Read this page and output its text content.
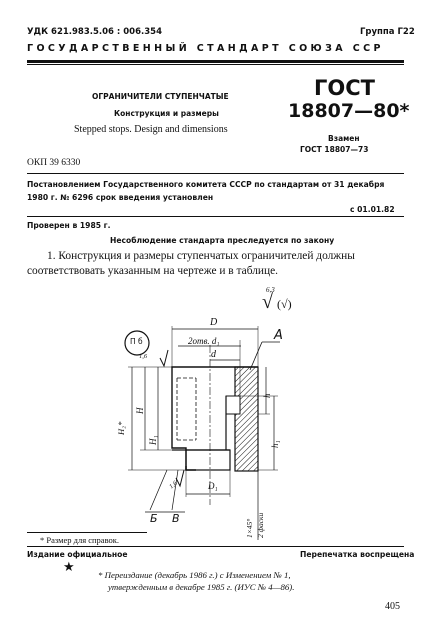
УДК 621.983.5.06 : 006.354	Группа Г22
ГОСУДАРСТВЕННЫЙ СТАНДАРТ СОЮЗА ССР
ОГРАНИЧИТЕЛИ СТУПЕНЧАТЫЕ
Конструкция и размеры
Stepped stops. Design and dimensions
ГОСТ
18807—80*
Взамен
ГОСТ 18807—73
ОКП 39 6330
Постановлением Государственного комитета СССР по стандартам от 31 декабря
1980 г. № 6296 срок введения установлен
с 01.01.82
Проверен в 1985 г.
Несоблюдение стандарта преследуется по закону
1. Конструкция и размеры ступенчатых ограничителей должны
соответствовать указанным на чертеже и в таблице.
6,3
√ (√)
П б
D
2отв. d₁
d
А
H₂*
H
H₁
h
h₁
D₁
1×45° 2 фаски
1,6
1,6
Б В
* Размер для справок.
Издание официальное	Перепечатка воспрещена
★
* Переиздание (декабрь 1986 г.) с Изменением № 1,
утвержденным в декабре 1985 г. (ИУС № 4—86).
405
